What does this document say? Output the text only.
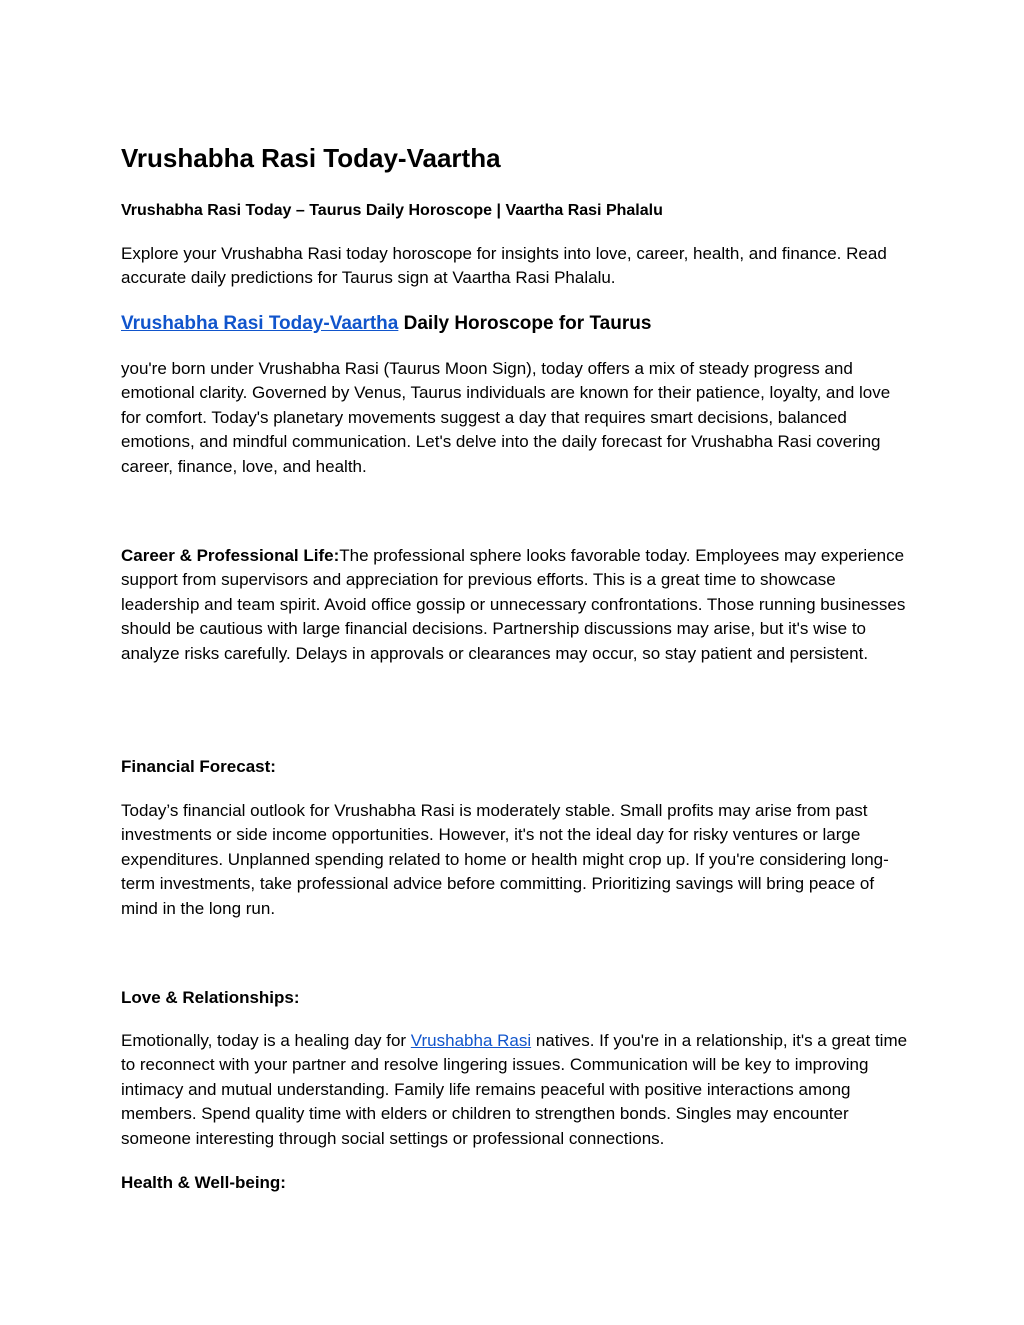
Vrushabha Rasi Today-Vaartha
Vrushabha Rasi Today – Taurus Daily Horoscope | Vaartha Rasi Phalalu

Explore your Vrushabha Rasi today horoscope for insights into love, career, health, and finance. Read accurate daily predictions for Taurus sign at Vaartha Rasi Phalalu.

Vrushabha Rasi Today-Vaartha Daily Horoscope for Taurus

you're born under Vrushabha Rasi (Taurus Moon Sign), today offers a mix of steady progress and emotional clarity. Governed by Venus, Taurus individuals are known for their patience, loyalty, and love for comfort. Today's planetary movements suggest a day that requires smart decisions, balanced emotions, and mindful communication. Let's delve into the daily forecast for Vrushabha Rasi covering career, finance, love, and health.

Career & Professional Life:The professional sphere looks favorable today. Employees may experience support from supervisors and appreciation for previous efforts. This is a great time to showcase leadership and team spirit. Avoid office gossip or unnecessary confrontations. Those running businesses should be cautious with large financial decisions. Partnership discussions may arise, but it's wise to analyze risks carefully. Delays in approvals or clearances may occur, so stay patient and persistent.

Financial Forecast:

Today’s financial outlook for Vrushabha Rasi is moderately stable. Small profits may arise from past investments or side income opportunities. However, it's not the ideal day for risky ventures or large expenditures. Unplanned spending related to home or health might crop up. If you're considering long-term investments, take professional advice before committing. Prioritizing savings will bring peace of mind in the long run.

Love & Relationships:

Emotionally, today is a healing day for Vrushabha Rasi natives. If you're in a relationship, it's a great time to reconnect with your partner and resolve lingering issues. Communication will be key to improving intimacy and mutual understanding. Family life remains peaceful with positive interactions among members. Spend quality time with elders or children to strengthen bonds. Singles may encounter someone interesting through social settings or professional connections.

Health & Well-being:
